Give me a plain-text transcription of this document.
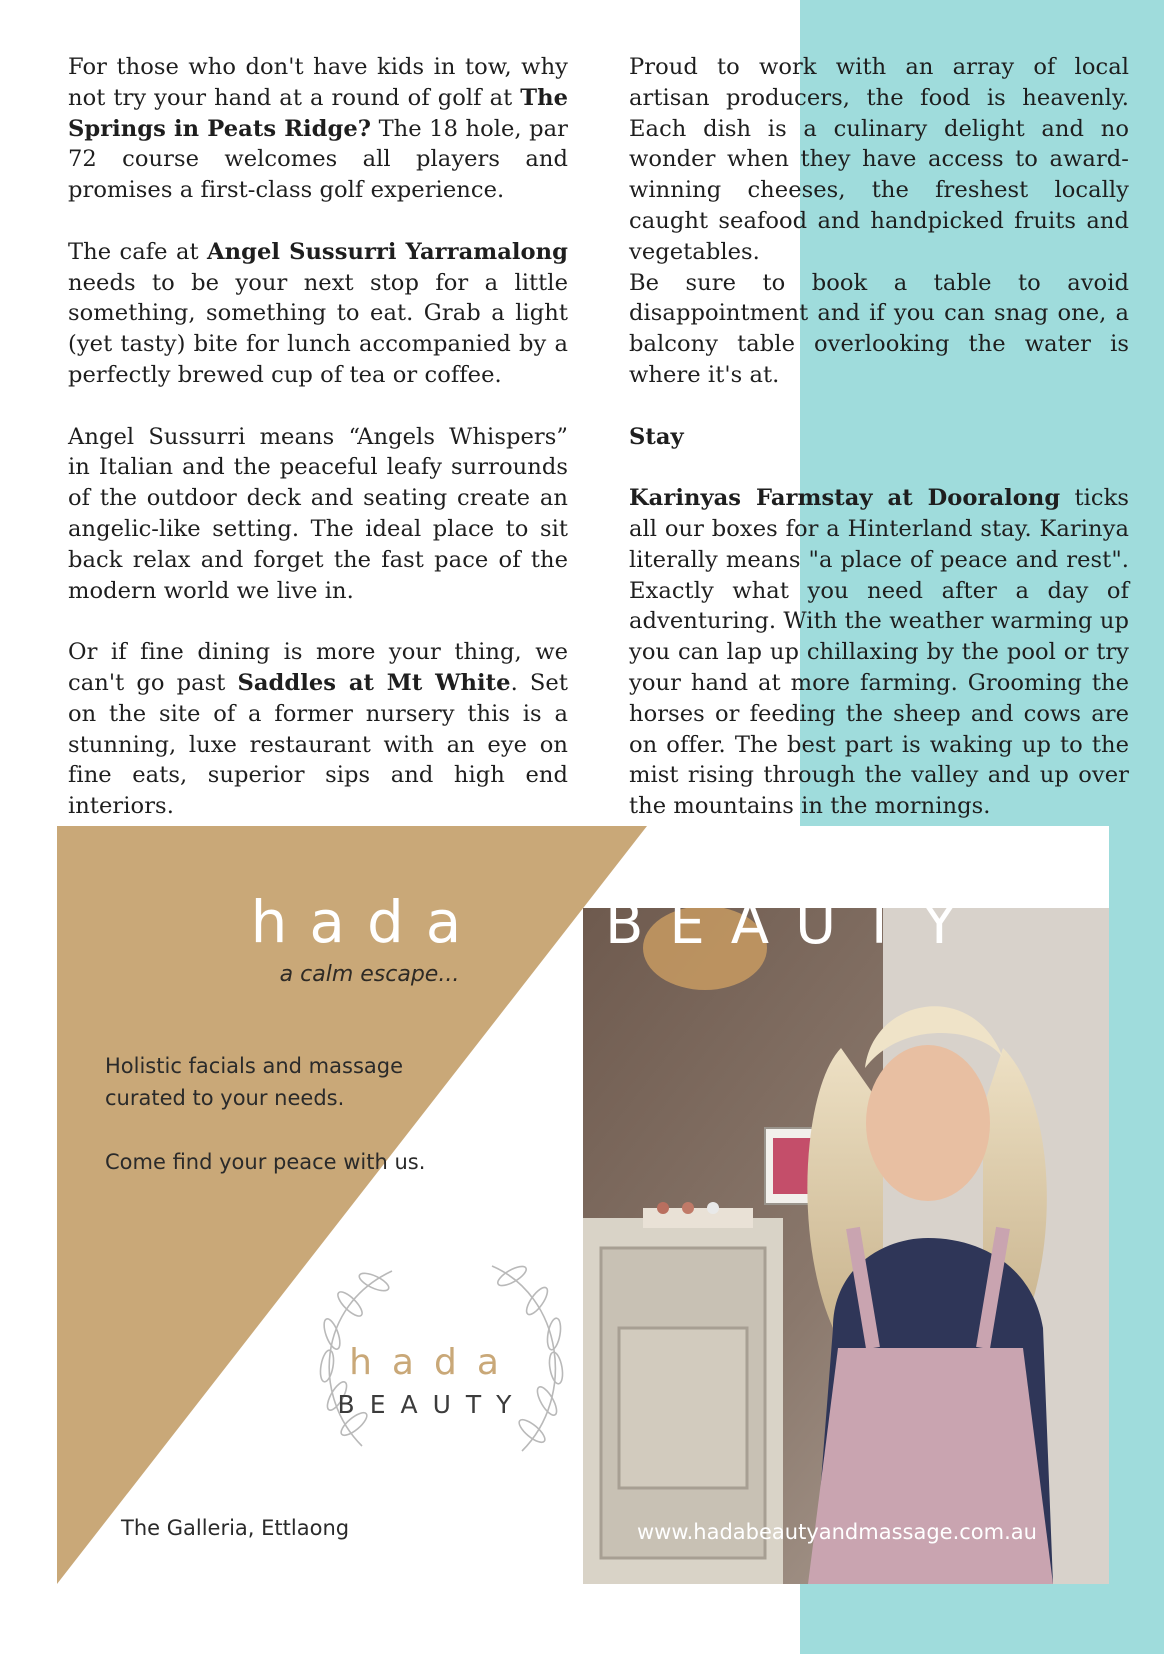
For those who don't have kids in tow, why not try your hand at a round of golf at The Springs in Peats Ridge? The 18 hole, par 72 course welcomes all players and promises a first-class golf experience.

The cafe at Angel Sussurri Yarramalong needs to be your next stop for a little something, something to eat. Grab a light (yet tasty) bite for lunch accompanied by a perfectly brewed cup of tea or coffee.

Angel Sussurri means “Angels Whispers” in Italian and the peaceful leafy surrounds of the outdoor deck and seating create an angelic-like setting. The ideal place to sit back relax and forget the fast pace of the modern world we live in.

Or if fine dining is more your thing, we can't go past Saddles at Mt White. Set on the site of a former nursery this is a stunning, luxe restaurant with an eye on fine eats, superior sips and high end interiors.

Proud to work with an array of local artisan producers, the food is heavenly. Each dish is a culinary delight and no wonder when they have access to award-winning cheeses, the freshest locally caught seafood and handpicked fruits and vegetables.

Be sure to book a table to avoid disappointment and if you can snag one, a balcony table overlooking the water is where it's at.

Stay

Karinyas Farmstay at Dooralong ticks all our boxes for a Hinterland stay. Karinya literally means "a place of peace and rest". Exactly what you need after a day of adventuring. With the weather warming up you can lap up chillaxing by the pool or try your hand at more farming. Grooming the horses or feeding the sheep and cows are on offer. The best part is waking up to the mist rising through the valley and up over the mountains in the mornings.

hada
a calm escape...

Holistic facials and massage curated to your needs.

Come find your peace with us.

hada
BEAUTY
The Galleria, Ettlaong
BEAUTY
www.hadabeautyandmassage.com.au
